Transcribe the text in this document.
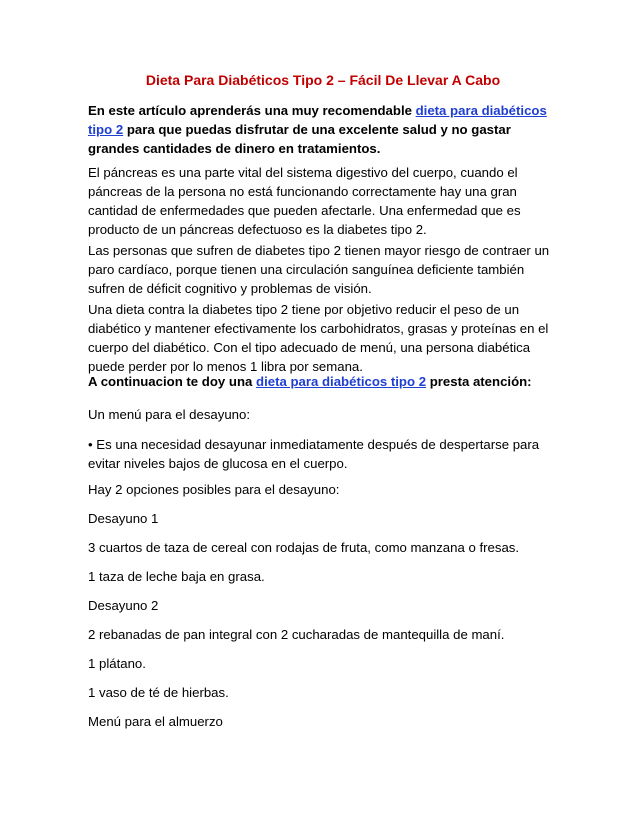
Dieta Para Diabéticos Tipo 2 – Fácil De Llevar A Cabo

En este artículo aprenderás una muy recomendable dieta para diabéticos tipo 2 para que puedas disfrutar de una excelente salud y no gastar grandes cantidades de dinero en tratamientos.

El páncreas es una parte vital del sistema digestivo del cuerpo, cuando el páncreas de la persona no está funcionando correctamente hay una gran cantidad de enfermedades que pueden afectarle. Una enfermedad que es producto de un páncreas defectuoso es la diabetes tipo 2.

Las personas que sufren de diabetes tipo 2 tienen mayor riesgo de contraer un paro cardíaco, porque tienen una circulación sanguínea deficiente también sufren de déficit cognitivo y problemas de visión.

Una dieta contra la diabetes tipo 2 tiene por objetivo reducir el peso de un diabético y mantener efectivamente los carbohidratos, grasas y proteínas en el cuerpo del diabético. Con el tipo adecuado de menú, una persona diabética puede perder por lo menos 1 libra por semana.

A continuacion te doy una dieta para diabéticos tipo 2 presta atención:

Un menú para el desayuno:

• Es una necesidad desayunar inmediatamente después de despertarse para evitar niveles bajos de glucosa en el cuerpo.

Hay 2 opciones posibles para el desayuno:

Desayuno 1

3 cuartos de taza de cereal con rodajas de fruta, como manzana o fresas.

1 taza de leche baja en grasa.

Desayuno 2

2 rebanadas de pan integral con 2 cucharadas de mantequilla de maní.

1 plátano.

1 vaso de té de hierbas.

Menú para el almuerzo
